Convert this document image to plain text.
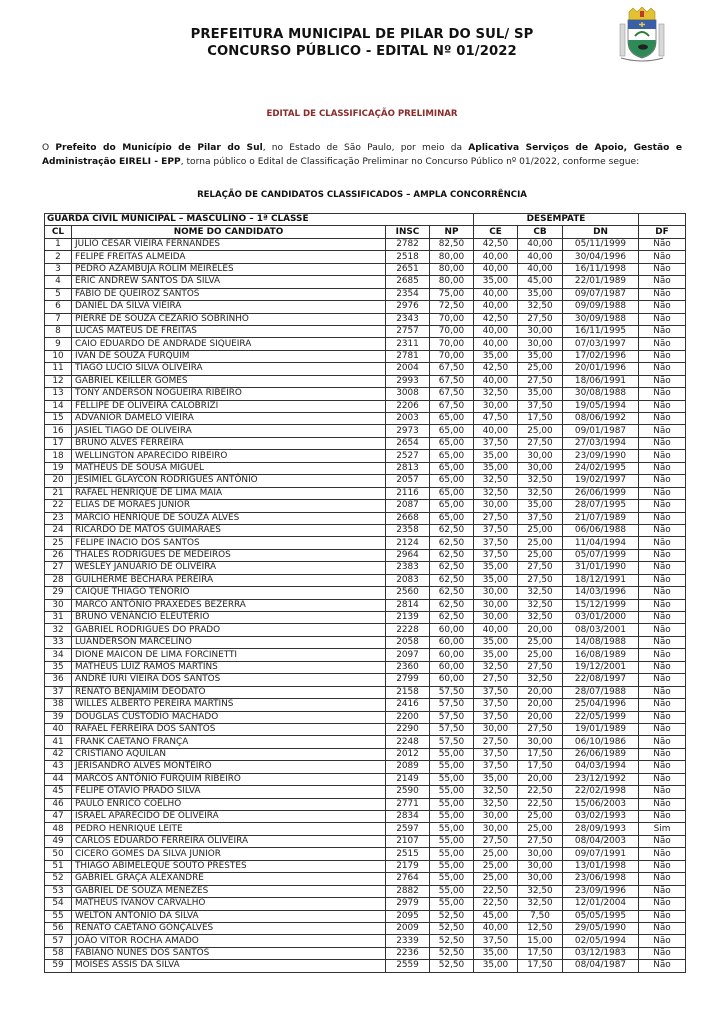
PREFEITURA MUNICIPAL DE PILAR DO SUL/ SP
CONCURSO PÚBLICO - EDITAL Nº 01/2022
EDITAL DE CLASSIFICAÇÃO PRELIMINAR
O Prefeito do Município de Pilar do Sul, no Estado de São Paulo, por meio da Aplicativa Serviços de Apoio, Gestão e
Administração EIRELI - EPP, torna público o Edital de Classificação Preliminar no Concurso Público nº 01/2022, conforme segue:
RELAÇÃO DE CANDIDATOS CLASSIFICADOS – AMPLA CONCORRÊNCIA
GUARDA CIVIL MUNICIPAL – MASCULINO – 1ª CLASSE				DESEMPATE			
CL	NOME DO CANDIDATO	INSC	NP	CE	CB	DN	DF
1	JULIO CESAR VIEIRA FERNANDES	2782	82,50	42,50	40,00	05/11/1999	Não
2	FELIPE FREITAS ALMEIDA	2518	80,00	40,00	40,00	30/04/1996	Não
3	PEDRO AZAMBUJA ROLIM MEIRELES	2651	80,00	40,00	40,00	16/11/1998	Não
4	ERIC ANDREW SANTOS DA SILVA	2685	80,00	35,00	45,00	22/01/1989	Não
5	FÁBIO DE QUEIROZ SANTOS	2354	75,00	40,00	35,00	09/07/1987	Não
6	DANIEL DA SILVA VIEIRA	2976	72,50	40,00	32,50	09/09/1988	Não
7	PIERRE DE SOUZA CEZARIO SOBRINHO	2343	70,00	42,50	27,50	30/09/1988	Não
8	LUCAS MATEUS DE FREITAS	2757	70,00	40,00	30,00	16/11/1995	Não
9	CAIO EDUARDO DE ANDRADE SIQUEIRA	2311	70,00	40,00	30,00	07/03/1997	Não
10	IVAN DE SOUZA FURQUIM	2781	70,00	35,00	35,00	17/02/1996	Não
11	TIAGO LUCIO SILVA OLIVEIRA	2004	67,50	42,50	25,00	20/01/1996	Não
12	GABRIEL KEILLER GOMES	2993	67,50	40,00	27,50	18/06/1991	Não
13	TONY ANDERSON NOGUEIRA RIBEIRO	3008	67,50	32,50	35,00	30/08/1988	Não
14	FELLIPE DE OLIVEIRA CALOBRIZI	2206	67,50	30,00	37,50	19/05/1994	Não
15	ADVANIOR DAMELO VIEIRA	2003	65,00	47,50	17,50	08/06/1992	Não
16	JASIEL TIAGO DE OLIVEIRA	2973	65,00	40,00	25,00	09/01/1987	Não
17	BRUNO ALVES FERREIRA	2654	65,00	37,50	27,50	27/03/1994	Não
18	WELLINGTON APARECIDO RIBEIRO	2527	65,00	35,00	30,00	23/09/1990	Não
19	MATHEUS DE SOUSA MIGUEL	2813	65,00	35,00	30,00	24/02/1995	Não
20	JESIMIEL GLAYCON RODRIGUES ANTÔNIO	2057	65,00	32,50	32,50	19/02/1997	Não
21	RAFAEL HENRIQUE DE LIMA MAIA	2116	65,00	32,50	32,50	26/06/1999	Não
22	ELIAS DE MORAES JUNIOR	2087	65,00	30,00	35,00	28/07/1995	Não
23	MÁRCIO HENRIQUE DE SOUZA ALVES	2668	65,00	27,50	37,50	21/07/1989	Não
24	RICARDO DE MATOS GUIMARAES	2358	62,50	37,50	25,00	06/06/1988	Não
25	FELIPE INACIO DOS SANTOS	2124	62,50	37,50	25,00	11/04/1994	Não
26	THALES RODRIGUES DE MEDEIROS	2964	62,50	37,50	25,00	05/07/1999	Não
27	WESLEY JANUÁRIO DE OLIVEIRA	2383	62,50	35,00	27,50	31/01/1990	Não
28	GUILHERME BECHARA PEREIRA	2083	62,50	35,00	27,50	18/12/1991	Não
29	CAIQUE THIAGO TENORIO	2560	62,50	30,00	32,50	14/03/1996	Não
30	MARCO ANTÔNIO PRAXEDES BEZERRA	2814	62,50	30,00	32,50	15/12/1999	Não
31	BRUNO VENÂNCIO ELEUTÉRIO	2139	62,50	30,00	32,50	03/01/2000	Não
32	GABRIEL RODRIGUES DO PRADO	2228	60,00	40,00	20,00	08/03/2001	Não
33	LUANDERSON MARCELINO	2058	60,00	35,00	25,00	14/08/1988	Não
34	DIONE MAICON DE LIMA FORCINETTI	2097	60,00	35,00	25,00	16/08/1989	Não
35	MATHEUS LUIZ RAMOS MARTINS	2360	60,00	32,50	27,50	19/12/2001	Não
36	ANDRÉ IURI VIEIRA DOS SANTOS	2799	60,00	27,50	32,50	22/08/1997	Não
37	RENATO BENJAMIM DEODATO	2158	57,50	37,50	20,00	28/07/1988	Não
38	WILLES ALBERTO PEREIRA MARTINS	2416	57,50	37,50	20,00	25/04/1996	Não
39	DOUGLAS CUSTODIO MACHADO	2200	57,50	37,50	20,00	22/05/1999	Não
40	RAFAEL FERREIRA DOS SANTOS	2290	57,50	30,00	27,50	19/01/1989	Não
41	FRANK CAETANO FRANÇA	2248	57,50	27,50	30,00	06/10/1986	Não
42	CRISTIANO AQUILAN	2012	55,00	37,50	17,50	26/06/1989	Não
43	JERISANDRO ALVES MONTEIRO	2089	55,00	37,50	17,50	04/03/1994	Não
44	MARCOS ANTÔNIO FURQUIM RIBEIRO	2149	55,00	35,00	20,00	23/12/1992	Não
45	FELIPE OTAVIO PRADO SILVA	2590	55,00	32,50	22,50	22/02/1998	Não
46	PAULO ENRICO COELHO	2771	55,00	32,50	22,50	15/06/2003	Não
47	ISRAEL APARECIDO DE OLIVEIRA	2834	55,00	30,00	25,00	03/02/1993	Não
48	PEDRO HENRIQUE LEITE	2597	55,00	30,00	25,00	28/09/1993	Sim
49	CARLOS EDUARDO FERREIRA OLIVEIRA	2107	55,00	27,50	27,50	08/04/2003	Não
50	CICERO GOMES DA SILVA JUNIOR	2515	55,00	25,00	30,00	09/07/1991	Não
51	THIAGO ABIMELEQUE SOUTO PRESTES	2179	55,00	25,00	30,00	13/01/1998	Não
52	GABRIEL GRAÇA ALEXANDRE	2764	55,00	25,00	30,00	23/06/1998	Não
53	GABRIEL DE SOUZA MENEZES	2882	55,00	22,50	32,50	23/09/1996	Não
54	MATHEUS IVANOV CARVALHO	2979	55,00	22,50	32,50	12/01/2004	Não
55	WELTON ANTONIO DA SILVA	2095	52,50	45,00	7,50	05/05/1995	Não
56	RENATO CAETANO GONÇALVES	2009	52,50	40,00	12,50	29/05/1990	Não
57	JOÃO VITOR ROCHA AMADO	2339	52,50	37,50	15,00	02/05/1994	Não
58	FABIANO NUNES DOS SANTOS	2236	52,50	35,00	17,50	03/12/1983	Não
59	MOISÉS ASSIS DA SILVA	2559	52,50	35,00	17,50	08/04/1987	Não
